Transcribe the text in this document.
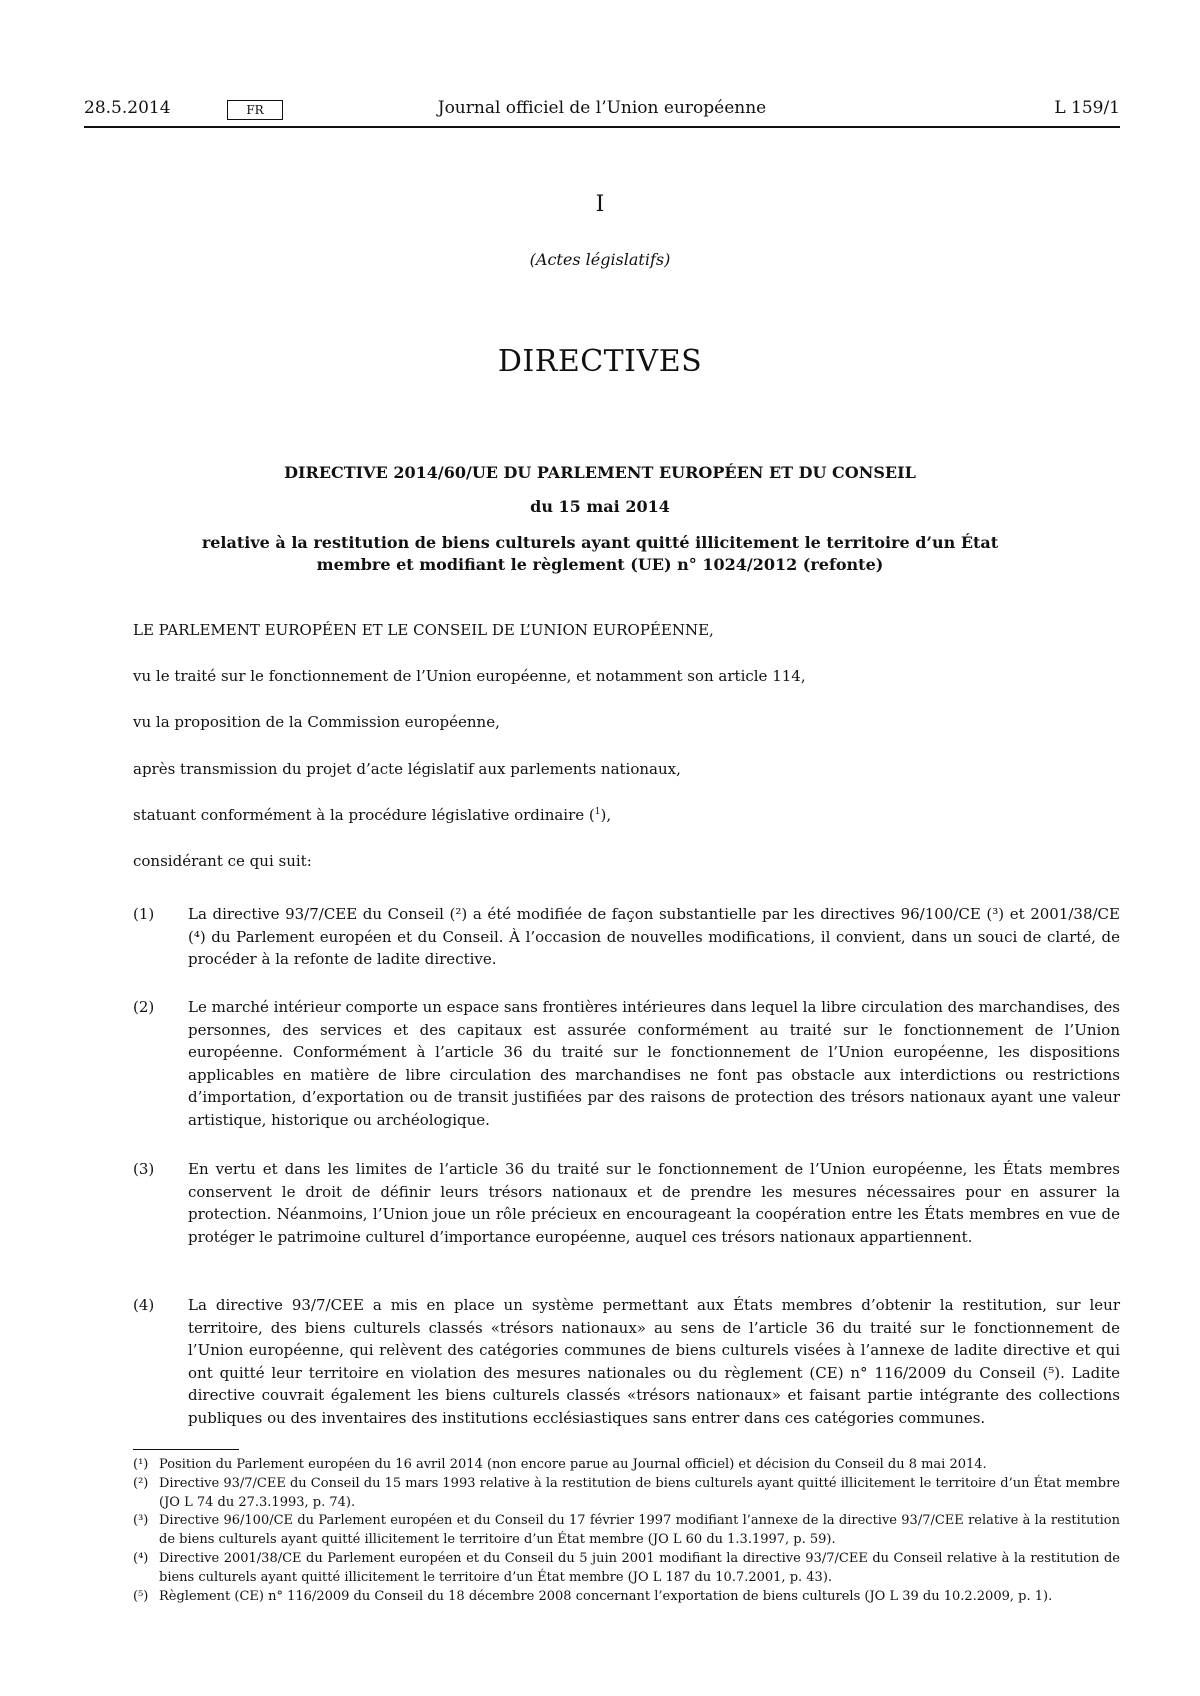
28.5.2014	FR	Journal officiel de l’Union européenne	L 159/1
I
(Actes législatifs)
DIRECTIVES
DIRECTIVE 2014/60/UE DU PARLEMENT EUROPÉEN ET DU CONSEIL
du 15 mai 2014
relative à la restitution de biens culturels ayant quitté illicitement le territoire d’un État membre et modifiant le règlement (UE) n° 1024/2012 (refonte)
LE PARLEMENT EUROPÉEN ET LE CONSEIL DE L’UNION EUROPÉENNE,
vu le traité sur le fonctionnement de l’Union européenne, et notamment son article 114,
vu la proposition de la Commission européenne,
après transmission du projet d’acte législatif aux parlements nationaux,
statuant conformément à la procédure législative ordinaire ($^1$),
considérant ce qui suit:
(1) La directive 93/7/CEE du Conseil (²) a été modifiée de façon substantielle par les directives 96/100/CE (³) et 2001/38/CE (⁴) du Parlement européen et du Conseil. À l’occasion de nouvelles modifications, il convient, dans un souci de clarté, de procéder à la refonte de ladite directive.
(2) Le marché intérieur comporte un espace sans frontières intérieures dans lequel la libre circulation des marchandises, des personnes, des services et des capitaux est assurée conformément au traité sur le fonctionnement de l’Union européenne. Conformément à l’article 36 du traité sur le fonctionnement de l’Union européenne, les dispositions applicables en matière de libre circulation des marchandises ne font pas obstacle aux interdictions ou restrictions d’importation, d’exportation ou de transit justifiées par des raisons de protection des trésors nationaux ayant une valeur artistique, historique ou archéologique.
(3) En vertu et dans les limites de l’article 36 du traité sur le fonctionnement de l’Union européenne, les États membres conservent le droit de définir leurs trésors nationaux et de prendre les mesures nécessaires pour en assurer la protection. Néanmoins, l’Union joue un rôle précieux en encourageant la coopération entre les États membres en vue de protéger le patrimoine culturel d’importance européenne, auquel ces trésors nationaux appartiennent.
(4) La directive 93/7/CEE a mis en place un système permettant aux États membres d’obtenir la restitution, sur leur territoire, des biens culturels classés «trésors nationaux» au sens de l’article 36 du traité sur le fonctionnement de l’Union européenne, qui relèvent des catégories communes de biens culturels visées à l’annexe de ladite directive et qui ont quitté leur territoire en violation des mesures nationales ou du règlement (CE) n° 116/2009 du Conseil (⁵). Ladite directive couvrait également les biens culturels classés «trésors nationaux» et faisant partie intégrante des collections publiques ou des inventaires des institutions ecclésiastiques sans entrer dans ces catégories communes.
(¹) Position du Parlement européen du 16 avril 2014 (non encore parue au Journal officiel) et décision du Conseil du 8 mai 2014.
(²) Directive 93/7/CEE du Conseil du 15 mars 1993 relative à la restitution de biens culturels ayant quitté illicitement le territoire d’un État membre (JO L 74 du 27.3.1993, p. 74).
(³) Directive 96/100/CE du Parlement européen et du Conseil du 17 février 1997 modifiant l’annexe de la directive 93/7/CEE relative à la restitution de biens culturels ayant quitté illicitement le territoire d’un État membre (JO L 60 du 1.3.1997, p. 59).
(⁴) Directive 2001/38/CE du Parlement européen et du Conseil du 5 juin 2001 modifiant la directive 93/7/CEE du Conseil relative à la restitution de biens culturels ayant quitté illicitement le territoire d’un État membre (JO L 187 du 10.7.2001, p. 43).
(⁵) Règlement (CE) n° 116/2009 du Conseil du 18 décembre 2008 concernant l’exportation de biens culturels (JO L 39 du 10.2.2009, p. 1).
